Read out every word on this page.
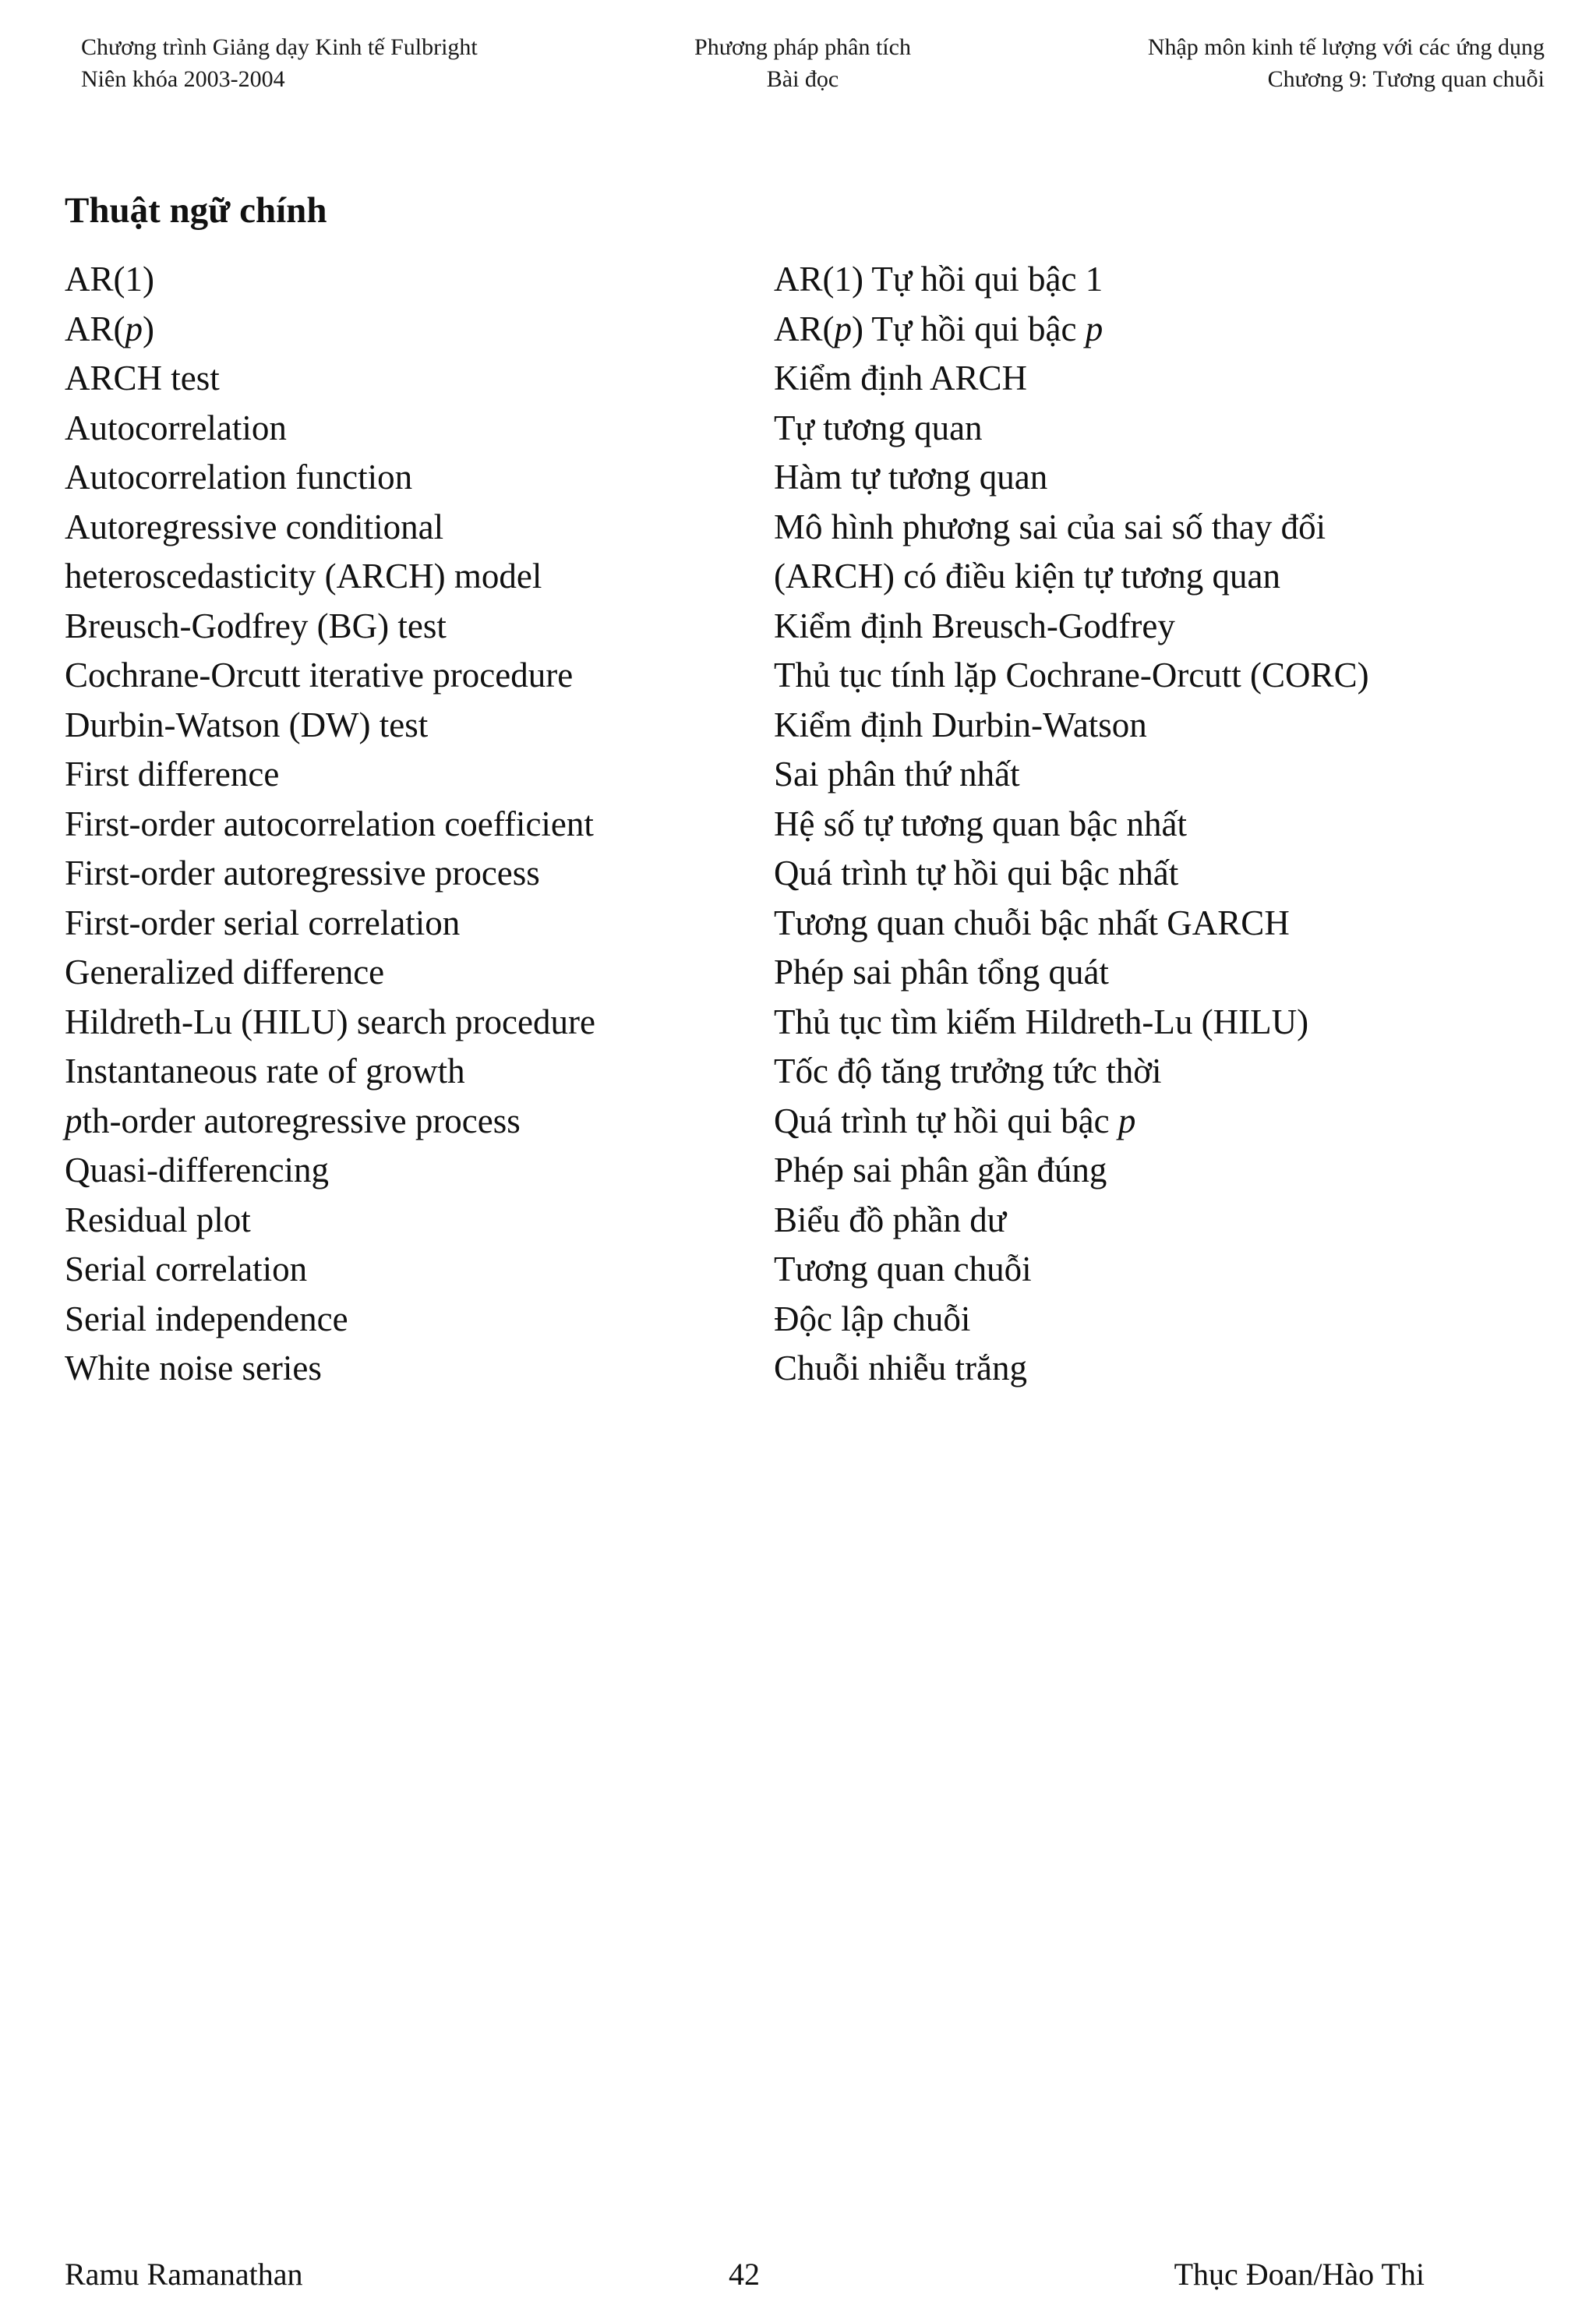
Chương trình Giảng dạy Kinh tế Fulbright
Niên khóa 2003-2004
Phương pháp phân tích
Bài đọc
Nhập môn kinh tế lượng với các ứng dụng
Chương 9: Tương quan chuỗi
Thuật ngữ chính
AR(1)	AR(1) Tự hồi qui bậc 1
AR(p)	AR(p) Tự hồi qui bậc p
ARCH test	Kiểm định ARCH
Autocorrelation	Tự tương quan
Autocorrelation function	Hàm tự tương quan
Autoregressive conditional	Mô hình phương sai của sai số thay đổi
heteroscedasticity (ARCH) model	(ARCH) có điều kiện tự tương quan
Breusch-Godfrey (BG) test	Kiểm định Breusch-Godfrey
Cochrane-Orcutt iterative procedure	Thủ tục tính lặp Cochrane-Orcutt (CORC)
Durbin-Watson (DW) test	Kiểm định Durbin-Watson
First difference	Sai phân thứ nhất
First-order autocorrelation coefficient	Hệ số tự tương quan bậc nhất
First-order autoregressive process	Quá trình tự hồi qui bậc nhất
First-order serial correlation	Tương quan chuỗi bậc nhất GARCH
Generalized difference	Phép sai phân tổng quát
Hildreth-Lu (HILU) search procedure	Thủ tục tìm kiếm Hildreth-Lu (HILU)
Instantaneous rate of growth	Tốc độ tăng trưởng tức thời
pth-order autoregressive process	Quá trình tự hồi qui bậc p
Quasi-differencing	Phép sai phân gần đúng
Residual plot	Biểu đồ phần dư
Serial correlation	Tương quan chuỗi
Serial independence	Độc lập chuỗi
White noise series	Chuỗi nhiễu trắng
Ramu Ramanathan	42	Thục Đoan/Hào Thi
